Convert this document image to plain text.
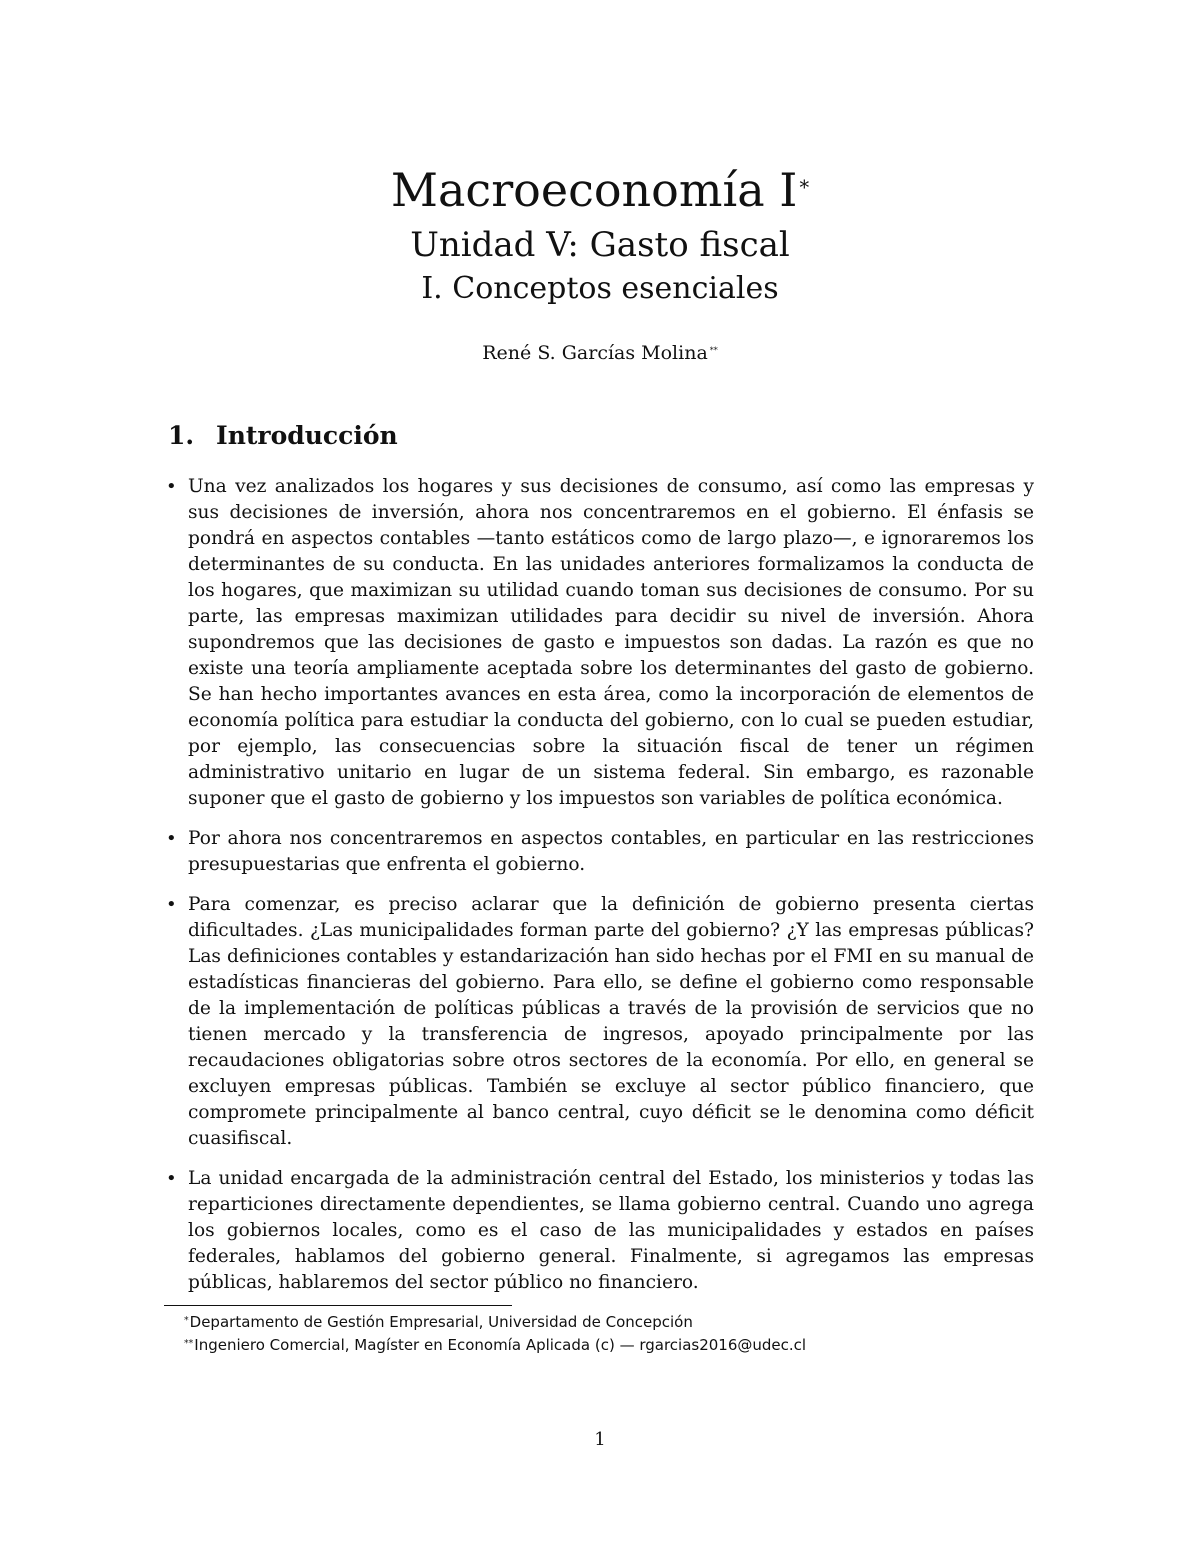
Macroeconomía I *
Unidad V: Gasto fiscal
I. Conceptos esenciales
René S. Garcías Molina **
1. Introducción
• Una vez analizados los hogares y sus decisiones de consumo, así como las empresas y sus decisiones de inversión, ahora nos concentraremos en el gobierno. El énfasis se pondrá en aspectos contables —tanto estáticos como de largo plazo—, e ignoraremos los determinantes de su conducta. En las unidades anteriores formalizamos la conducta de los hogares, que maximizan su utilidad cuando toman sus decisiones de consumo. Por su parte, las empresas maximizan utilidades para decidir su nivel de inversión. Ahora supondremos que las decisiones de gasto e impuestos son dadas. La razón es que no existe una teoría ampliamente aceptada sobre los determinantes del gasto de gobierno. Se han hecho importantes avances en esta área, como la incorporación de elementos de economía política para estudiar la conducta del gobierno, con lo cual se pueden estudiar, por ejemplo, las consecuencias sobre la situación fiscal de tener un régimen administrativo unitario en lugar de un sistema federal. Sin embargo, es razonable suponer que el gasto de gobierno y los impuestos son variables de política económica.
• Por ahora nos concentraremos en aspectos contables, en particular en las restricciones presupuestarias que enfrenta el gobierno.
• Para comenzar, es preciso aclarar que la definición de gobierno presenta ciertas dificultades. ¿Las municipalidades forman parte del gobierno? ¿Y las empresas públicas? Las definiciones contables y estandarización han sido hechas por el FMI en su manual de estadísticas financieras del gobierno. Para ello, se define el gobierno como responsable de la implementación de políticas públicas a través de la provisión de servicios que no tienen mercado y la transferencia de ingresos, apoyado principalmente por las recaudaciones obligatorias sobre otros sectores de la economía. Por ello, en general se excluyen empresas públicas. También se excluye al sector público financiero, que compromete principalmente al banco central, cuyo déficit se le denomina como déficit cuasifiscal.
• La unidad encargada de la administración central del Estado, los ministerios y todas las reparticiones directamente dependientes, se llama gobierno central. Cuando uno agrega los gobiernos locales, como es el caso de las municipalidades y estados en países federales, hablamos del gobierno general. Finalmente, si agregamos las empresas públicas, hablaremos del sector público no financiero.
*Departamento de Gestión Empresarial, Universidad de Concepción
**Ingeniero Comercial, Magíster en Economía Aplicada (c) — rgarcias2016@udec.cl
1
